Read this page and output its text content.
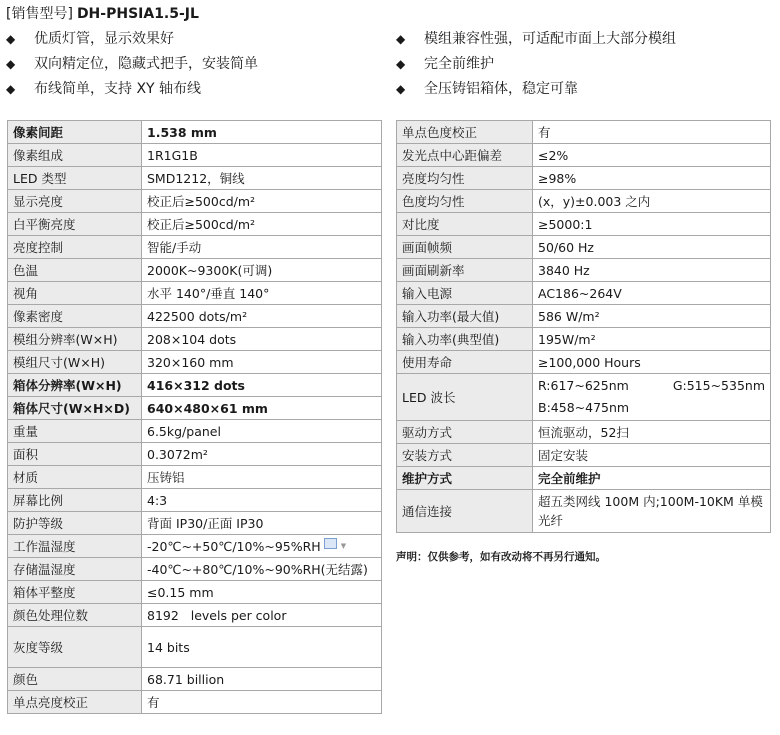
[销售型号] DH-PHSIA1.5-JL
◆ 优质灯管，显示效果好
◆ 双向精定位，隐藏式把手，安装简单
◆ 布线简单，支持 XY 轴布线
◆ 模组兼容性强，可适配市面上大部分模组
◆ 完全前维护
◆ 全压铸铝箱体，稳定可靠
像素间距	1.538 mm
像素组成	1R1G1B
LED 类型	SMD1212，铜线
显示亮度	校正后≥500cd/m²
白平衡亮度	校正后≥500cd/m²
亮度控制	智能/手动
色温	2000K~9300K(可调)
视角	水平 140°/垂直 140°
像素密度	422500 dots/m²
模组分辨率(W×H)	208×104 dots
模组尺寸(W×H)	320×160 mm
箱体分辨率(W×H)	416×312 dots
箱体尺寸(W×H×D)	640×480×61 mm
重量	6.5kg/panel
面积	0.3072m²
材质	压铸铝
屏幕比例	4:3
防护等级	背面 IP30/正面 IP30
工作温湿度	-20℃~+50℃/10%~95%RH ▼
存储温湿度	-40℃~+80℃/10%~90%RH(无结露)
箱体平整度	≤0.15 mm
颜色处理位数	8192   levels per color
灰度等级	14 bits
颜色	68.71 billion
单点亮度校正	有
单点色度校正	有
发光点中心距偏差	≤2%
亮度均匀性	≥98%
色度均匀性	(x，y)±0.003 之内
对比度	≥5000:1
画面帧频	50/60 Hz
画面刷新率	3840 Hz
输入电源	AC186~264V
输入功率(最大值)	586 W/m²
输入功率(典型值)	195W/m²
使用寿命	≥100,000 Hours
LED 波长	R:617~625nm G:515~535nm
B:458~475nm

驱动方式	恒流驱动，52扫
安装方式	固定安装
维护方式	完全前维护
通信连接	超五类网线 100M 内;100M-10KM 单模光纤
声明：仅供参考，如有改动将不再另行通知。
